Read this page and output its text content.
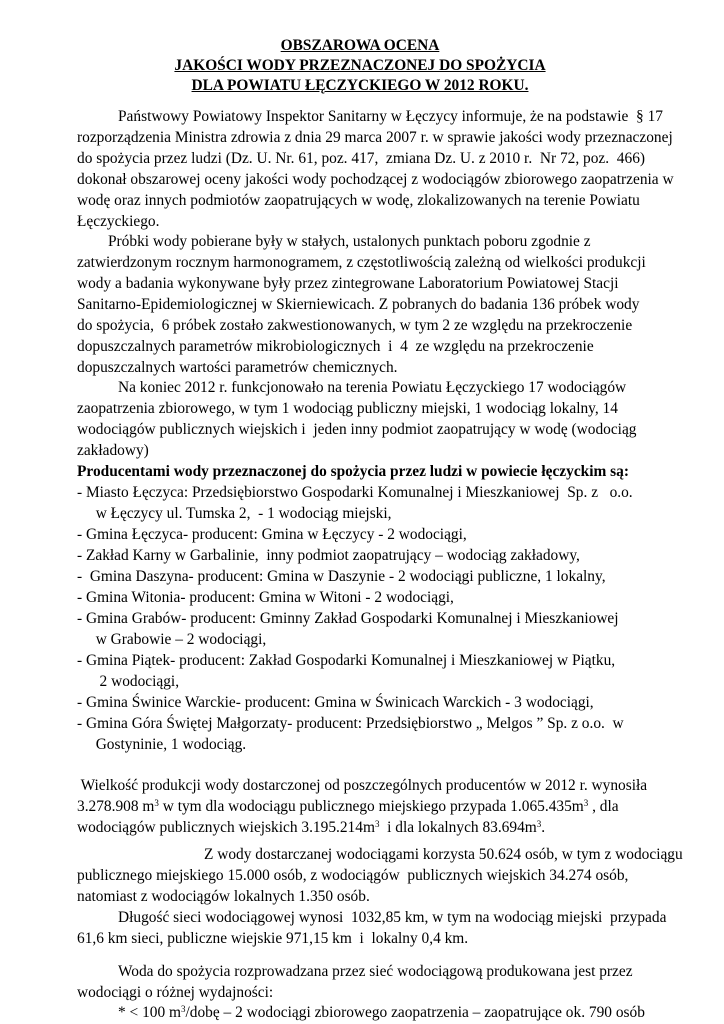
OBSZAROWA OCENA
JAKOŚCI WODY PRZEZNACZONEJ DO SPOŻYCIA
DLA POWIATU ŁĘCZYCKIEGO W 2012 ROKU.
Państwowy Powiatowy Inspektor Sanitarny w Łęczycy informuje, że na podstawie  § 17
rozporządzenia Ministra zdrowia z dnia 29 marca 2007 r. w sprawie jakości wody przeznaczonej
do spożycia przez ludzi (Dz. U. Nr. 61, poz. 417,  zmiana Dz. U. z 2010 r.  Nr 72, poz.  466)
dokonał obszarowej oceny jakości wody pochodzącej z wodociągów zbiorowego zaopatrzenia w
wodę oraz innych podmiotów zaopatrujących w wodę, zlokalizowanych na terenie Powiatu
Łęczyckiego.
Próbki wody pobierane były w stałych, ustalonych punktach poboru zgodnie z
zatwierdzonym rocznym harmonogramem, z częstotliwością zależną od wielkości produkcji
wody a badania wykonywane były przez zintegrowane Laboratorium Powiatowej Stacji
Sanitarno-Epidemiologicznej w Skierniewicach. Z pobranych do badania 136 próbek wody
do spożycia,  6 próbek zostało zakwestionowanych, w tym 2 ze względu na przekroczenie
dopuszczalnych parametrów mikrobiologicznych  i  4  ze względu na przekroczenie
dopuszczalnych wartości parametrów chemicznych.
Na koniec 2012 r. funkcjonowało na terenia Powiatu Łęczyckiego 17 wodociągów
zaopatrzenia zbiorowego, w tym 1 wodociąg publiczny miejski, 1 wodociąg lokalny, 14
wodociągów publicznych wiejskich i  jeden inny podmiot zaopatrujący w wodę (wodociąg
zakładowy)
Producentami wody przeznaczonej do spożycia przez ludzi w powiecie łęczyckim są:
- Miasto Łęczyca: Przedsiębiorstwo Gospodarki Komunalnej i Mieszkaniowej  Sp. z   o.o.
w Łęczycy ul. Tumska 2,  - 1 wodociąg miejski,
- Gmina Łęczyca- producent: Gmina w Łęczycy - 2 wodociągi,
- Zakład Karny w Garbalinie,  inny podmiot zaopatrujący – wodociąg zakładowy,
-  Gmina Daszyna- producent: Gmina w Daszynie - 2 wodociągi publiczne, 1 lokalny,
- Gmina Witonia- producent: Gmina w Witoni - 2 wodociągi,
- Gmina Grabów- producent: Gminny Zakład Gospodarki Komunalnej i Mieszkaniowej
w Grabowie – 2 wodociągi,
- Gmina Piątek- producent: Zakład Gospodarki Komunalnej i Mieszkaniowej w Piątku,
2 wodociągi,
- Gmina Świnice Warckie- producent: Gmina w Świnicach Warckich - 3 wodociągi,
- Gmina Góra Świętej Małgorzaty- producent: Przedsiębiorstwo „ Melgos ” Sp. z o.o.  w
Gostyninie, 1 wodociąg.
Wielkość produkcji wody dostarczonej od poszczególnych producentów w 2012 r. wynosiła
3.278.908 $m^3$ w tym dla wodociągu publicznego miejskiego przypada $1.065.435m^3$ , dla
wodociągów publicznych wiejskich $3.195.214m^3$  i dla lokalnych $83.694m^3$.
Z wody dostarczanej wodociągami korzysta 50.624 osób, w tym z wodociągu
publicznego miejskiego 15.000 osób, z wodociągów  publicznych wiejskich 34.274 osób,
natomiast z wodociągów lokalnych 1.350 osób.
Długość sieci wodociągowej wynosi  1032,85 km, w tym na wodociąg miejski  przypada
61,6 km sieci, publiczne wiejskie 971,15 km  i  lokalny 0,4 km.
Woda do spożycia rozprowadzana przez sieć wodociągową produkowana jest przez
wodociągi o różnej wydajności:
* < 100 $m^3$/dobę – 2 wodociągi zbiorowego zaopatrzenia – zaopatrujące ok. 790 osób
